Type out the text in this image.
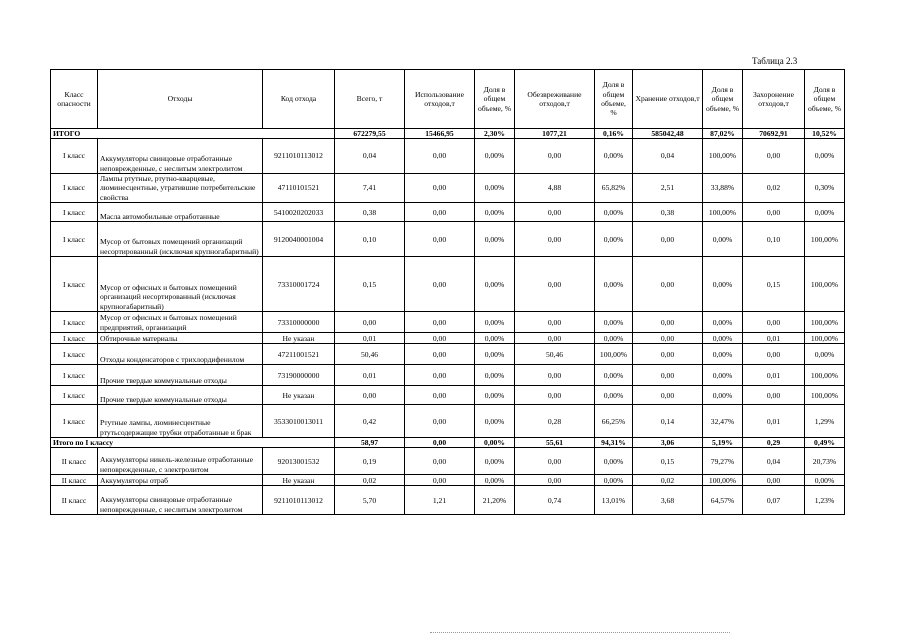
Таблица 2.3
Класс опасности	Отходы	Код отхода	Всего, т	Использование отходов,т	Доля в общем объеме, %	Обезвреживание отходов,т	Доля в общем объеме, %	Хранение отходов,т	Доля в общем объеме, %	Захоронение отходов,т	Доля в общем объеме, %
ИТОГО			672279,55	15466,95	2,30%	1077,21	0,16%	585042,48	87,02%	70692,91	10,52%
I класс	Аккумуляторы свинцовые отработанные неповрежденные, с неслитым электролитом	9211010113012	0,04	0,00	0,00%	0,00	0,00%	0,04	100,00%	0,00	0,00%
I класс	Лампы ртутные, ртутно-кварцевые, люминесцентные, утратившие потребительские свойства	47110101521	7,41	0,00	0,00%	4,88	65,82%	2,51	33,88%	0,02	0,30%
I класс	Масла автомобильные отработанные	5410020202033	0,38	0,00	0,00%	0,00	0,00%	0,38	100,00%	0,00	0,00%
I класс	Мусор от бытовых помещений организаций несортированный (исключая крупногабаритный)	9120040001004	0,10	0,00	0,00%	0,00	0,00%	0,00	0,00%	0,10	100,00%
I класс	Мусор от офисных и бытовых помещений организаций несортированный (исключая крупногабаритный)	73310001724	0,15	0,00	0,00%	0,00	0,00%	0,00	0,00%	0,15	100,00%
I класс	Мусор от офисных и бытовых помещений предприятий, организаций	73310000000	0,00	0,00	0,00%	0,00	0,00%	0,00	0,00%	0,00	100,00%
I класс	Обтирочные материалы	Не указан	0,01	0,00	0,00%	0,00	0,00%	0,00	0,00%	0,01	100,00%
I класс	Отходы конденсаторов с трихлордифенилом	47211001521	50,46	0,00	0,00%	50,46	100,00%	0,00	0,00%	0,00	0,00%
I класс	Прочие твердые коммунальные отходы	73190000000	0,01	0,00	0,00%	0,00	0,00%	0,00	0,00%	0,01	100,00%
I класс	Прочие твердые коммунальные отходы	Не указан	0,00	0,00	0,00%	0,00	0,00%	0,00	0,00%	0,00	100,00%
I класс	Ртутные лампы, люминесцентные ртутьсодержащие трубки отработанные и брак	3533010013011	0,42	0,00	0,00%	0,28	66,25%	0,14	32,47%	0,01	1,29%
Итого по I классу			58,97	0,00	0,00%	55,61	94,31%	3,06	5,19%	0,29	0,49%
II класс	Аккумуляторы никель-железные отработанные неповрежденные, с электролитом	92013001532	0,19	0,00	0,00%	0,00	0,00%	0,15	79,27%	0,04	20,73%
II класс	Аккумуляторы отраб	Не указан	0,02	0,00	0,00%	0,00	0,00%	0,02	100,00%	0,00	0,00%
II класс	Аккумуляторы свинцовые отработанные неповрежденные, с неслитым электролитом	9211010113012	5,70	1,21	21,20%	0,74	13,01%	3,68	64,57%	0,07	1,23%
